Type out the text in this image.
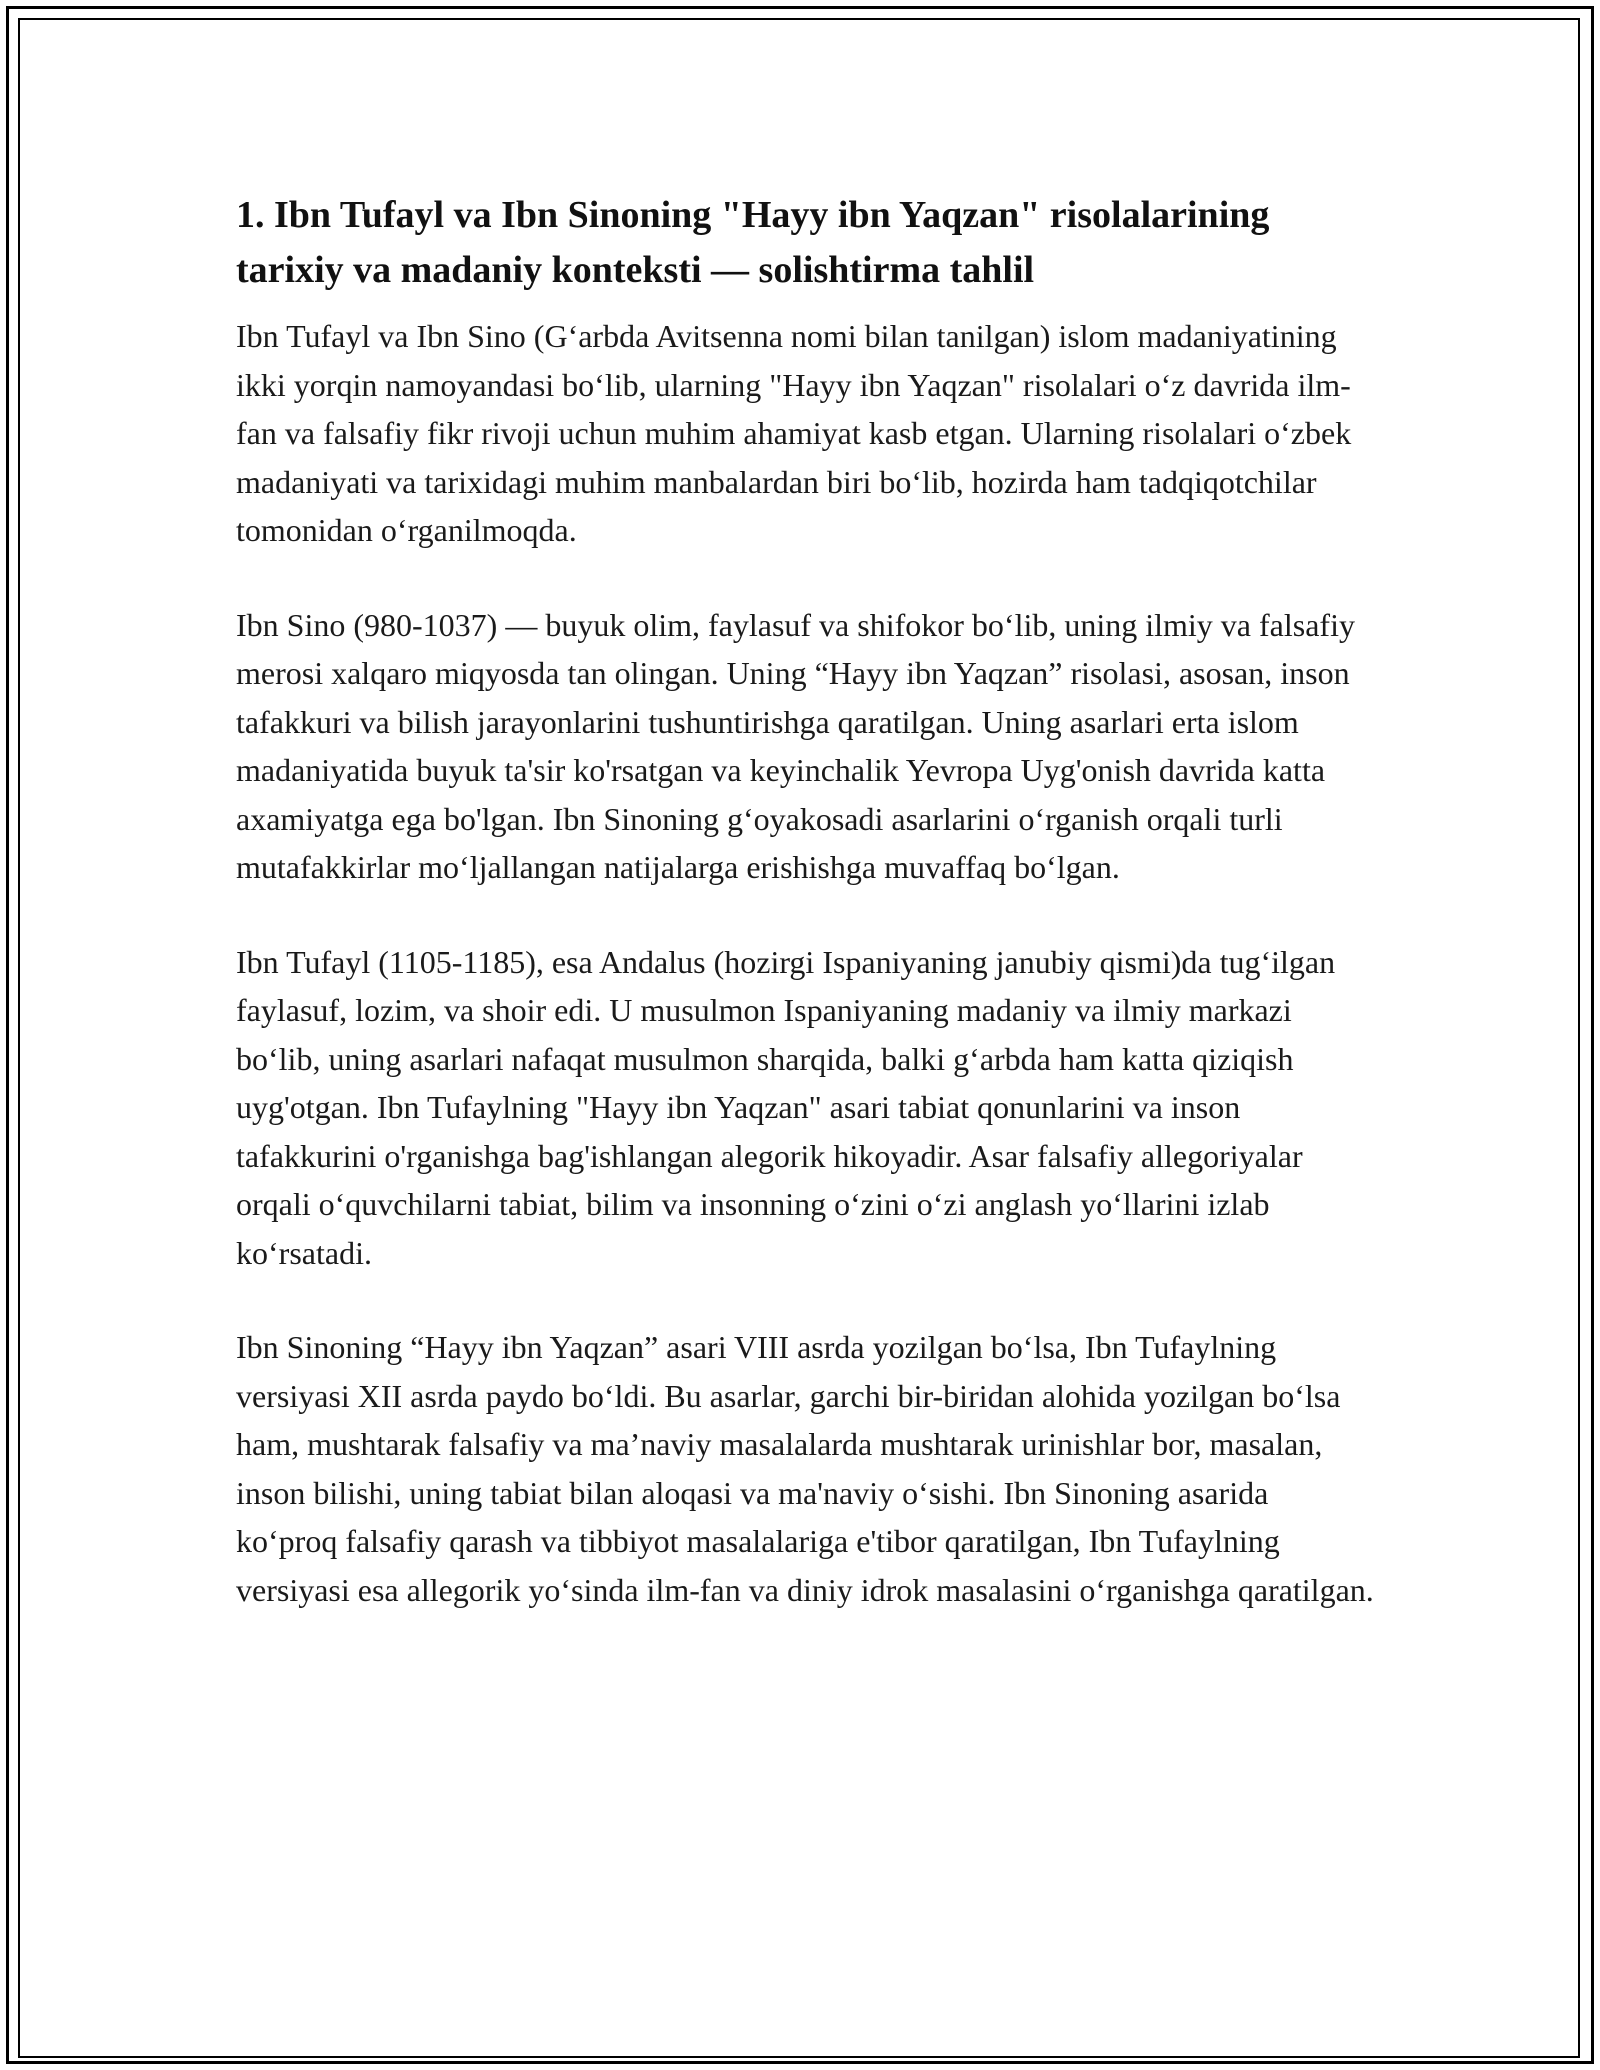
1. Ibn Tufayl va Ibn Sinoning "Hayy ibn Yaqzan" risolalarining tarixiy va madaniy konteksti — solishtirma tahlil

Ibn Tufayl va Ibn Sino (G‘arbda Avitsenna nomi bilan tanilgan) islom madaniyatining ikki yorqin namoyandasi bo‘lib, ularning "Hayy ibn Yaqzan" risolalari o‘z davrida ilm-fan va falsafiy fikr rivoji uchun muhim ahamiyat kasb etgan. Ularning risolalari o‘zbek madaniyati va tarixidagi muhim manbalardan biri bo‘lib, hozirda ham tadqiqotchilar tomonidan o‘rganilmoqda.

Ibn Sino (980-1037) — buyuk olim, faylasuf va shifokor bo‘lib, uning ilmiy va falsafiy merosi xalqaro miqyosda tan olingan. Uning “Hayy ibn Yaqzan” risolasi, asosan, inson tafakkuri va bilish jarayonlarini tushuntirishga qaratilgan. Uning asarlari erta islom madaniyatida buyuk ta'sir ko'rsatgan va keyinchalik Yevropa Uyg'onish davrida katta axamiyatga ega bo'lgan. Ibn Sinoning g‘oyakosadi asarlarini o‘rganish orqali turli mutafakkirlar mo‘ljallangan natijalarga erishishga muvaffaq bo‘lgan.

Ibn Tufayl (1105-1185), esa Andalus (hozirgi Ispaniyaning janubiy qismi)da tug‘ilgan faylasuf, lozim, va shoir edi. U musulmon Ispaniyaning madaniy va ilmiy markazi bo‘lib, uning asarlari nafaqat musulmon sharqida, balki g‘arbda ham katta qiziqish uyg'otgan. Ibn Tufaylning "Hayy ibn Yaqzan" asari tabiat qonunlarini va inson tafakkurini o'rganishga bag'ishlangan alegorik hikoyadir. Asar falsafiy allegoriyalar orqali o‘quvchilarni tabiat, bilim va insonning o‘zini o‘zi anglash yo‘llarini izlab ko‘rsatadi.

Ibn Sinoning “Hayy ibn Yaqzan” asari VIII asrda yozilgan bo‘lsa, Ibn Tufaylning versiyasi XII asrda paydo bo‘ldi. Bu asarlar, garchi bir-biridan alohida yozilgan bo‘lsa ham, mushtarak falsafiy va ma’naviy masalalarda mushtarak urinishlar bor, masalan, inson bilishi, uning tabiat bilan aloqasi va ma'naviy o‘sishi. Ibn Sinoning asarida ko‘proq falsafiy qarash va tibbiyot masalalariga e'tibor qaratilgan, Ibn Tufaylning versiyasi esa allegorik yo‘sinda ilm-fan va diniy idrok masalasini o‘rganishga qaratilgan.
